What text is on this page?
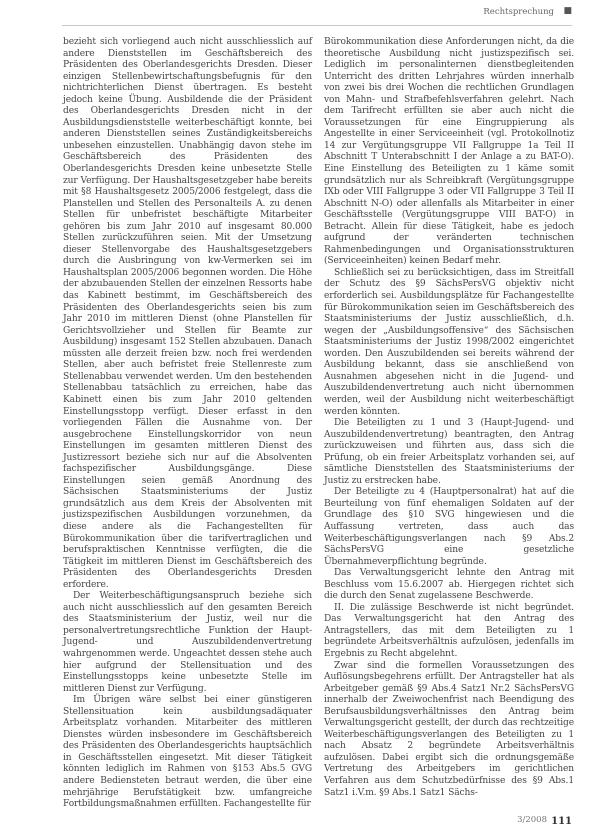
Rechtsprechung ■

bezieht sich vorliegend auch nicht ausschliesslich auf andere Dienststellen im Geschäftsbereich des Präsidenten des Oberlandesgerichts Dresden. Dieser einzigen Stellenbewirtschaftungsbefugnis für den nichtrichterlichen Dienst übertragen. Es besteht jedoch keine Übung. Ausbildende die der Präsident des Oberlandesgerichts Dresden nicht in der Ausbildungsdienststelle weiterbeschäftigt konnte, bei anderen Dienststellen seines Zuständigkeitsbereichs unbesehen einzustellen. Unabhängig davon stehe im Geschäftsbereich des Präsidenten des Oberlandesgerichts Dresden keine unbesetzte Stelle zur Verfügung. Der Haushaltsgesetzgeber habe bereits mit §8 Haushaltsgesetz 2005/2006 festgelegt, dass die Planstellen und Stellen des Personalteils A. zu denen Stellen für unbefristet beschäftigte Mitarbeiter gehören bis zum Jahr 2010 auf insgesamt 80.000 Stellen zurückzuführen seien. Mit der Umsetzung dieser Stellenvorgabe des Haushaltsgesetzgebers durch die Ausbringung von kw-Vermerken sei im Haushaltsplan 2005/2006 begonnen worden. Die Höhe der abzubauenden Stellen der einzelnen Ressorts habe das Kabinett bestimmt, im Geschäftsbereich des Präsidenten des Oberlandesgerichts seien bis zum Jahr 2010 im mittleren Dienst (ohne Planstellen für Gerichtsvollzieher und Stellen für Beamte zur Ausbildung) insgesamt 152 Stellen abzubauen. Danach müssten alle derzeit freien bzw. noch frei werdenden Stellen, aber auch befristet freie Stellenreste zum Stellenabbau verwendet werden. Um den bestehenden Stellenabbau tatsächlich zu erreichen, habe das Kabinett einen bis zum Jahr 2010 geltenden Einstellungsstopp verfügt. Dieser erfasst in den vorliegenden Fällen die Ausnahme von. Der ausgebrochene Einstellungskorridor von neun Einstellungen im gesamten mittleren Dienst des Justizressort beziehe sich nur auf die Absolventen fachspezifischer Ausbildungsgänge. Diese Einstellungen seien gemäß Anordnung des Sächsischen Staatsministeriums der Justiz grundsätzlich aus dem Kreis der Absolventen mit justizspezifischen Ausbildungen vorzunehmen, da diese andere als die Fachangestellten für Bürokommunikation über die tarifvertraglichen und berufspraktischen Kenntnisse verfügten, die die Tätigkeit im mittleren Dienst im Geschäftsbereich des Präsidenten des Oberlandesgerichts Dresden erfordere.

Der Weiterbeschäftigungsanspruch beziehe sich auch nicht ausschliesslich auf den gesamten Bereich des Staatsministerium der Justiz, weil nur die personalvertretungsrechtliche Funktion der Haupt-Jugend- und Auszubildendenvertretung wahrgenommen werde. Ungeachtet dessen stehe auch hier aufgrund der Stellensituation und des Einstellungsstopps keine unbesetzte Stelle im mittleren Dienst zur Verfügung.

Im Übrigen wäre selbst bei einer günstigeren Stellensituation kein ausbildungsadäquater Arbeitsplatz vorhanden. Mitarbeiter des mittleren Dienstes würden insbesondere im Geschäftsbereich des Präsidenten des Oberlandesgerichts hauptsächlich in Geschäftsstellen eingesetzt. Mit dieser Tätigkeit könnten lediglich im Rahmen von §153 Abs.5 GVG andere Bediensteten betraut werden, die über eine mehrjährige Berufstätigkeit bzw. umfangreiche Fortbildungsmaßnahmen erfüllten. Fachangestellte für

Bürokommunikation diese Anforderungen nicht, da die theoretische Ausbildung nicht justizspezifisch sei. Lediglich im personalinternen dienstbegleitenden Unterricht des dritten Lehrjahres würden innerhalb von zwei bis drei Wochen die rechtlichen Grundlagen von Mahn- und Strafbefehlsverfahren gelehrt. Nach dem Tarifrecht erfüllten sie aber auch nicht die Voraussetzungen für eine Eingruppierung als Angestellte in einer Serviceeinheit (vgl. Protokollnotiz 14 zur Vergütungsgruppe VII Fallgruppe 1a Teil II Abschnitt T Unterabschnitt I der Anlage a zu BAT-O). Eine Einstellung des Beteiligten zu 1 käme somit grundsätzlich nur als Schreibkraft (Vergütungsgruppe IXb oder VIII Fallgruppe 3 oder VII Fallgruppe 3 Teil II Abschnitt N-O) oder allenfalls als Mitarbeiter in einer Geschäftsstelle (Vergütungsgruppe VIII BAT-O) in Betracht. Allein für diese Tätigkeit, habe es jedoch aufgrund der veränderten technischen Rahmenbedingungen und Organisationsstrukturen (Serviceeinheiten) keinen Bedarf mehr.

Schließlich sei zu berücksichtigen, dass im Streitfall der Schutz des §9 SächsPersVG objektiv nicht erforderlich sei. Ausbildungsplätze für Fachangestellte für Bürokommunikation seien im Geschäftsbereich des Staatsministeriums der Justiz ausschließlich, d.h. wegen der „Ausbildungsoffensive“ des Sächsischen Staatsministeriums der Justiz 1998/2002 eingerichtet worden. Den Auszubildenden sei bereits während der Ausbildung bekannt, dass sie anschließend von Ausnahmen abgesehen nicht in die Jugend- und Auszubildendenvertretung auch nicht übernommen werden, weil der Ausbildung nicht weiterbeschäftigt werden könnten.

Die Beteiligten zu 1 und 3 (Haupt-Jugend- und Auszubildendenvertretung) beantragten, den Antrag zurückzuweisen und führten aus, dass sich die Prüfung, ob ein freier Arbeitsplatz vorhanden sei, auf sämtliche Dienststellen des Staatsministeriums der Justiz zu erstrecken habe.

Der Beteiligte zu 4 (Hauptpersonalrat) hat auf die Beurteilung von fünf ehemaligen Soldaten auf der Grundlage des §10 SVG hingewiesen und die Auffassung vertreten, dass auch das Weiterbeschäftigungsverlangen nach §9 Abs.2 SächsPersVG eine gesetzliche Übernahmeverpflichtung begründe.

Das Verwaltungsgericht lehnte den Antrag mit Beschluss vom 15.6.2007 ab. Hiergegen richtet sich die durch den Senat zugelassene Beschwerde.

II. Die zulässige Beschwerde ist nicht begründet. Das Verwaltungsgericht hat den Antrag des Antragstellers, das mit dem Beteiligten zu 1 begründete Arbeitsverhältnis aufzulösen, jedenfalls im Ergebnis zu Recht abgelehnt.

Zwar sind die formellen Voraussetzungen des Auflösungsbegehrens erfüllt. Der Antragsteller hat als Arbeitgeber gemäß §9 Abs.4 Satz1 Nr.2 SächsPersVG innerhalb der Zweiwochenfrist nach Beendigung des Berufsausbildungsverhältnisses den Antrag beim Verwaltungsgericht gestellt, der durch das rechtzeitige Weiterbeschäftigungsverlangen des Beteiligten zu 1 nach Absatz 2 begründete Arbeitsverhältnis aufzulösen. Dabei ergibt sich die ordnungsgemäße Vertretung des Arbeitgebers im gerichtlichen Verfahren aus dem Schutzbedürfnisse des §9 Abs.1 Satz1 i.V.m. §9 Abs.1 Satz1 Sächs-

3/2008 111
